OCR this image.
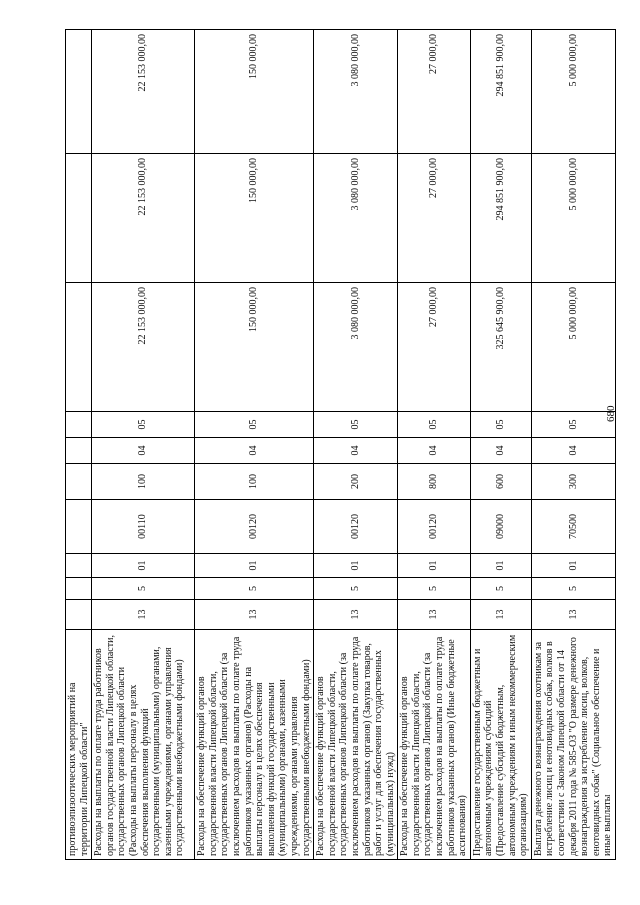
680
противоэпизоотических мероприятий на территории Липецкой области"										
Расходы на выплаты по оплате труда работников органов государственной власти Липецкой области, государственных органов Липецкой области (Расходы на выплаты персоналу в целях обеспечения выполнения функций государственными (муниципальными) органами, казенными учреждениями, органами управления государственными внебюджетными фондами)	13	5	01	00110	100	04	05	22 153 000,00	22 153 000,00	22 153 000,00
Расходы на обеспечение функций органов государственной власти Липецкой области, государственных органов Липецкой области (за исключением расходов на выплаты по оплате труда работников указанных органов) (Расходы на выплаты персоналу в целях обеспечения выполнения функций государственными (муниципальными) органами, казенными учреждениями, органами управления государственными внебюджетными фондами)	13	5	01	00120	100	04	05	150 000,00	150 000,00	150 000,00
Расходы на обеспечение функций органов государственной власти Липецкой области, государственных органов Липецкой области (за исключением расходов на выплаты по оплате труда работников указанных органов) (Закупка товаров, работ и услуг для обеспечения государственных (муниципальных) нужд)	13	5	01	00120	200	04	05	3 080 000,00	3 080 000,00	3 080 000,00
Расходы на обеспечение функций органов государственной власти Липецкой области, государственных органов Липецкой области (за исключением расходов на выплаты по оплате труда работников указанных органов) (Иные бюджетные ассигнования)	13	5	01	00120	800	04	05	27 000,00	27 000,00	27 000,00
Предоставление государственным бюджетным и автономным учреждениям субсидий (Предоставление субсидий бюджетным, автономным учреждениям и иным некоммерческим организациям)	13	5	01	09000	600	04	05	325 645 900,00	294 851 900,00	294 851 900,00
Выплата денежного вознаграждения охотникам за истребление лисиц и енотовидных собак, волков в соответствии с Законом Липецкой области от 14 декабря 2011 года № 585-ОЗ "О размере денежного вознаграждения за истребление лисиц, волков, енотовидных собак" (Социальное обеспечение и иные выплаты	13	5	01	70500	300	04	05	5 000 000,00	5 000 000,00	5 000 000,00
